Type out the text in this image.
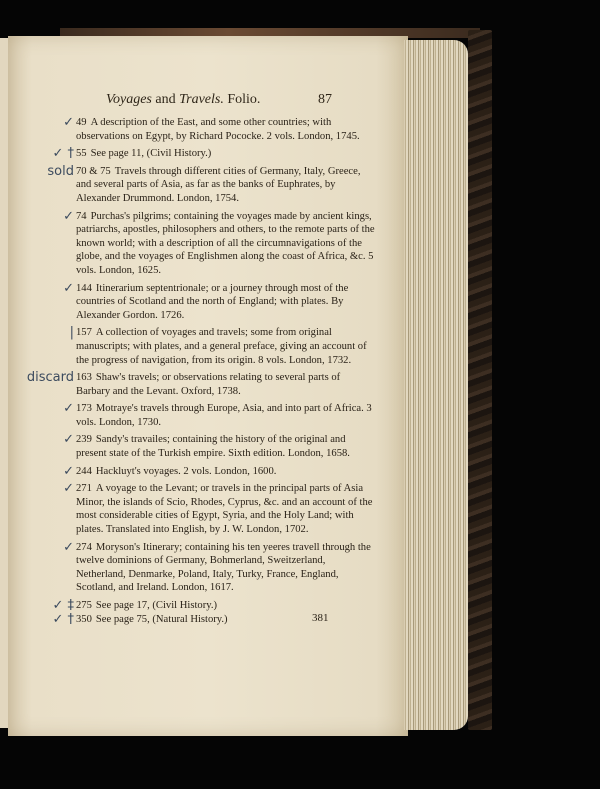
Voyages and Travels. Folio.	87
✓ 49 A description of the East, and some other countries; with observations on Egypt, by Richard Pococke. 2 vols. London, 1745.

✓ † 55 See page 11, (Civil History.)

sold 70 & 75 Travels through different cities of Germany, Italy, Greece, and several parts of Asia, as far as the banks of Euphrates, by Alexander Drummond. London, 1754.

✓ 74 Purchas's pilgrims; containing the voyages made by ancient kings, patriarchs, apostles, philosophers and others, to the remote parts of the known world; with a description of all the circumnavigations of the globe, and the voyages of Englishmen along the coast of Africa, &c. 5 vols. London, 1625.

✓ 144 Itinerarium septentrionale; or a journey through most of the countries of Scotland and the north of England; with plates. By Alexander Gordon. 1726.

| 157 A collection of voyages and travels; some from original manuscripts; with plates, and a general preface, giving an account of the progress of navigation, from its origin. 8 vols. London, 1732.

discard 163 Shaw's travels; or observations relating to several parts of Barbary and the Levant. Oxford, 1738.

✓ 173 Motraye's travels through Europe, Asia, and into part of Africa. 3 vols. London, 1730.

✓ 239 Sandy's travailes; containing the history of the original and present state of the Turkish empire. Sixth edition. London, 1658.

✓ 244 Hackluyt's voyages. 2 vols. London, 1600.

✓ 271 A voyage to the Levant; or travels in the principal parts of Asia Minor, the islands of Scio, Rhodes, Cyprus, &c. and an account of the most considerable cities of Egypt, Syria, and the Holy Land; with plates. Translated into English, by J. W. London, 1702.

✓ 274 Moryson's Itinerary; containing his ten yeeres travell through the twelve dominions of Germany, Bohmerland, Sweitzerland, Netherland, Denmarke, Poland, Italy, Turky, France, England, Scotland, and Ireland. London, 1617.

✓ ‡ 275 See page 17, (Civil History.)

✓ † 350 See page 75, (Natural History.)	381
